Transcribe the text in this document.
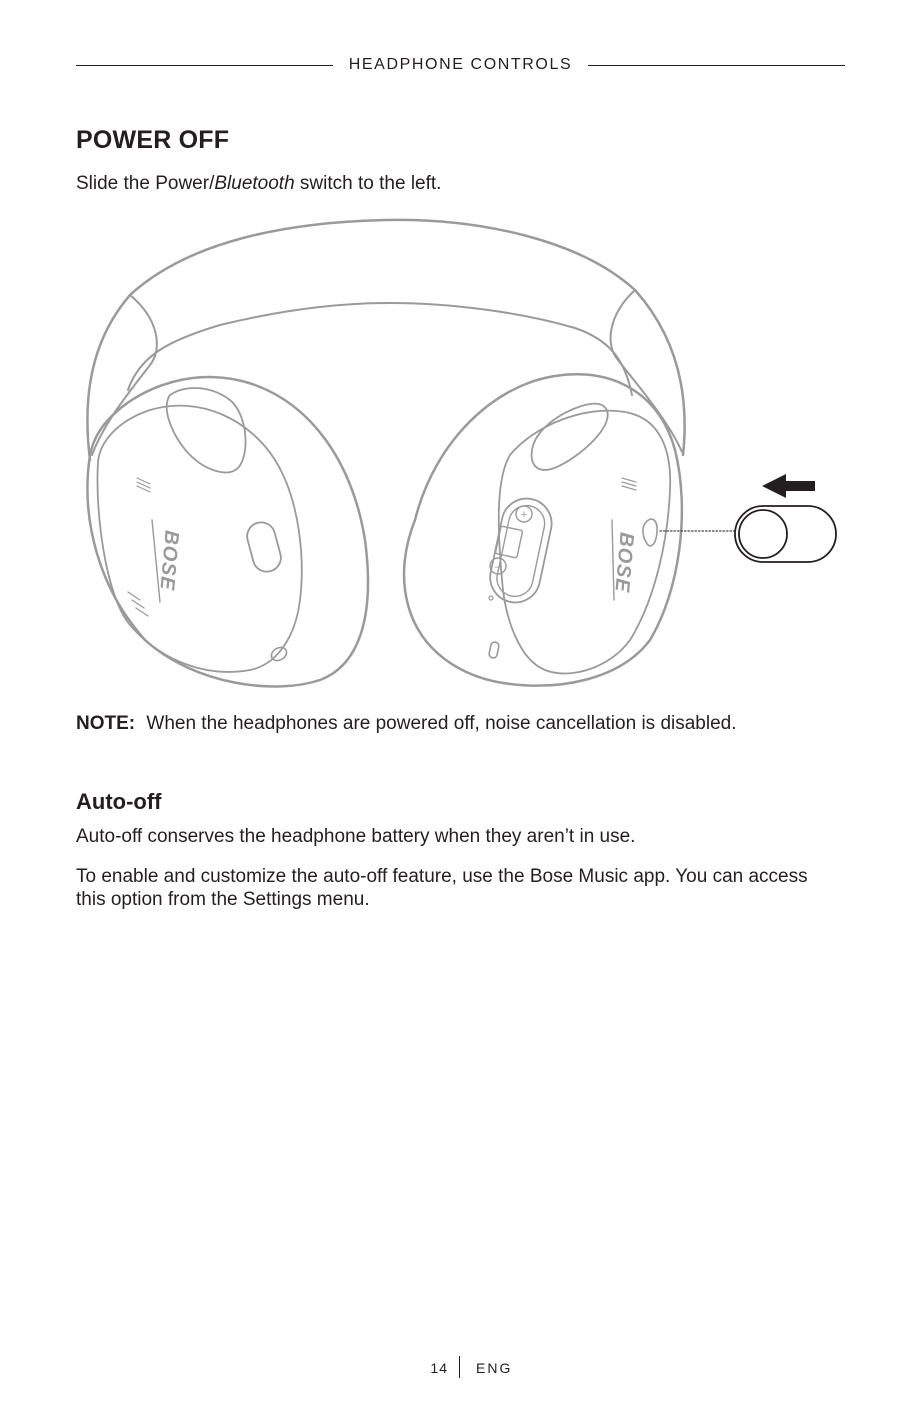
HEADPHONE CONTROLS
POWER OFF

Slide the Power/Bluetooth switch to the left.

BOSE
+
–	BOSE

NOTE: When the headphones are powered off, noise cancellation is disabled.

Auto-off

Auto-off conserves the headphone battery when they aren’t in use.

To enable and customize the auto-off feature, use the Bose Music app. You can access this option from the Settings menu.

14 ENG
